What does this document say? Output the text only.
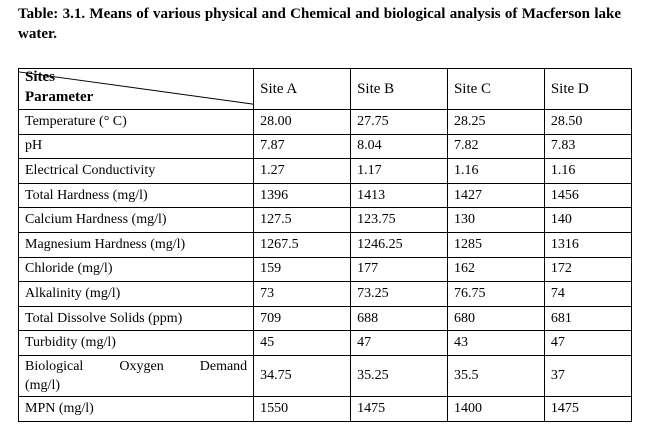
Table: 3.1. Means of various physical and Chemical and biological analysis of Macferson lake water.
Sites
Parameter	Site A	Site B	Site C	Site D
Temperature (° C)	28.00	27.75	28.25	28.50
pH	7.87	8.04	7.82	7.83
Electrical Conductivity	1.27	1.17	1.16	1.16
Total Hardness (mg/l)	1396	1413	1427	1456
Calcium Hardness (mg/l)	127.5	123.75	130	140
Magnesium Hardness (mg/l)	1267.5	1246.25	1285	1316
Chloride (mg/l)	159	177	162	172
Alkalinity (mg/l)	73	73.25	76.75	74
Total Dissolve Solids (ppm)	709	688	680	681
Turbidity (mg/l)	45	47	43	47

Biological Oxygen Demand
(mg/l)	34.75	35.25	35.5	37
MPN (mg/l)	1550	1475	1400	1475
